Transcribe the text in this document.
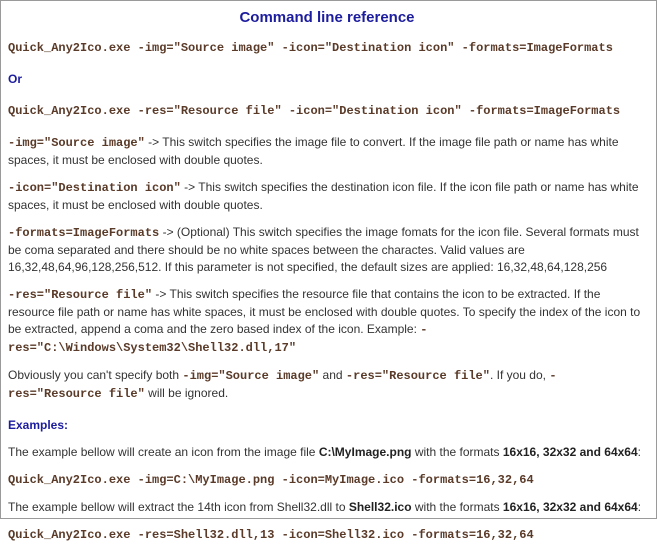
Command line reference

Quick_Any2Ico.exe -img="Source image" -icon="Destination icon" -formats=ImageFormats

Or

Quick_Any2Ico.exe -res="Resource file" -icon="Destination icon" -formats=ImageFormats

-img="Source image" -> This switch specifies the image file to convert. If the image file path or name has white spaces, it must be enclosed with double quotes.

-icon="Destination icon" -> This switch specifies the destination icon file. If the icon file path or name has white spaces, it must be enclosed with double quotes.

-formats=ImageFormats -> (Optional) This switch specifies the image fomats for the icon file. Several formats must be coma separated and there should be no white spaces between the charactes. Valid values are 16,32,48,64,96,128,256,512. If this parameter is not specified, the default sizes are applied: 16,32,48,64,128,256

-res="Resource file" -> This switch specifies the resource file that contains the icon to be extracted. If the resource file path or name has white spaces, it must be enclosed with double quotes. To specify the index of the icon to be extracted, append a coma and the zero based index of the icon. Example: -res="C:\Windows\System32\Shell32.dll,17"

Obviously you can't specify both -img="Source image" and -res="Resource file". If you do, -res="Resource file" will be ignored.

Examples:

The example bellow will create an icon from the image file C:\MyImage.png with the formats 16x16, 32x32 and 64x64:

Quick_Any2Ico.exe -img=C:\MyImage.png -icon=MyImage.ico -formats=16,32,64

The example bellow will extract the 14th icon from Shell32.dll to Shell32.ico with the formats 16x16, 32x32 and 64x64:

Quick_Any2Ico.exe -res=Shell32.dll,13 -icon=Shell32.ico -formats=16,32,64
